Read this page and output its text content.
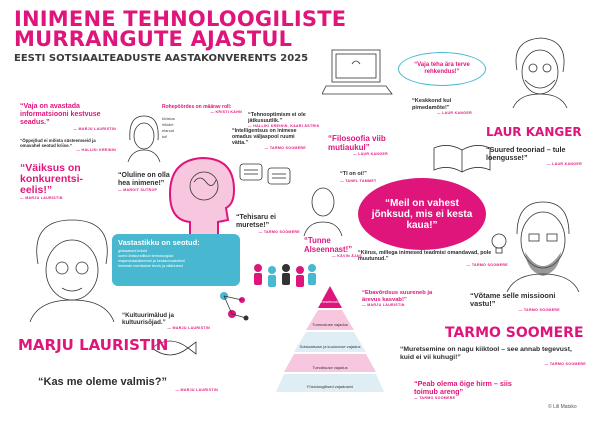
INIMENE TEHNOLOOGILISTE
MURRANGUTE AJASTUL
EESTI SOTSIAALTEADUSTE AASTAKONVERENTS 2025
“Vaja teha ära terve rehkendus!”
“Vaja on avastada informatsiooni kestvuse seadus.”
— MARJU LAURISTIN
“Õppejõud ei mõista süsteemseid ja omavahel seotud kriise.”
— HALLIKI KREININ
“Väiksus on konkurentsi-eelis!”
— MARJU LAURISTIN
“Oluline on olla hea inimene!”
— MARGIT SUTROP
Rohepöördes on määrav roll:
— KRISTI KAHN
tööstus
riikidel
elanud
tuli
“Tehnooptimism ei ole jätkusuutlik.”
— HALLIKI KREININ, KAARI ÄSTRIK
“Intelligentsus on inimese omadus väljaspool ruumi vätta.”
— TARMO SOOMERE
“Filosoofia viib mutiaukul”
— LAUR KANGER
“TI on oi!”
— TANEL TAMMET
“Keskkond kui pimedamõte!”
— LAUR KANGER
LAUR KANGER
“Suured teooriad – tule loengusse!”
— LAUR KANGER
“Meil on vahest jõnksud, mis ei kesta kaua!”
Vastastikku on seotud:
globaalsed kriisid
uued ühiskondlikud tehnoloogiad
majandussüsteemid ja keskkonnakriisid
inimeste mentaalne tervis ja väärtused
“Tehisaru ei muretse!”
— TARMO SOOMERE
“Tunne Alseennast!”
— KÄVIN ÄJAS
“Kiirus, millega inimesed teadmisi omandavad, pole muutunud.”
— TARMO SOOMERE
“Ebavõrdsus suureneb ja ärevus kasvab!”
— MARJU LAURISTIN
“Võtame selle missiooni vastu!”
— TARMO SOOMERE
TARMO SOOMERE
“Muretsemine on nagu kiiktool – see annab tegevust, kuid ei vii kuhugi!”
— TARMO SOOMERE
“Peab olema õige hirm – siis toimub areng”
— TARMO SOOMERE
Eneseteostus
Tunnustuse vajadus
Sotsiaalsuse ja kuuluvuse vajadus
Turvalisuse vajadus
Füsioloogilised vajadused
“Kultuurimälud ja kultuurisõjad.”
— MARJU LAURISTIN
MARJU LAURISTIN
“Kas me oleme valmis?”
— MARJU LAURISTIN
© Lili Matsko
